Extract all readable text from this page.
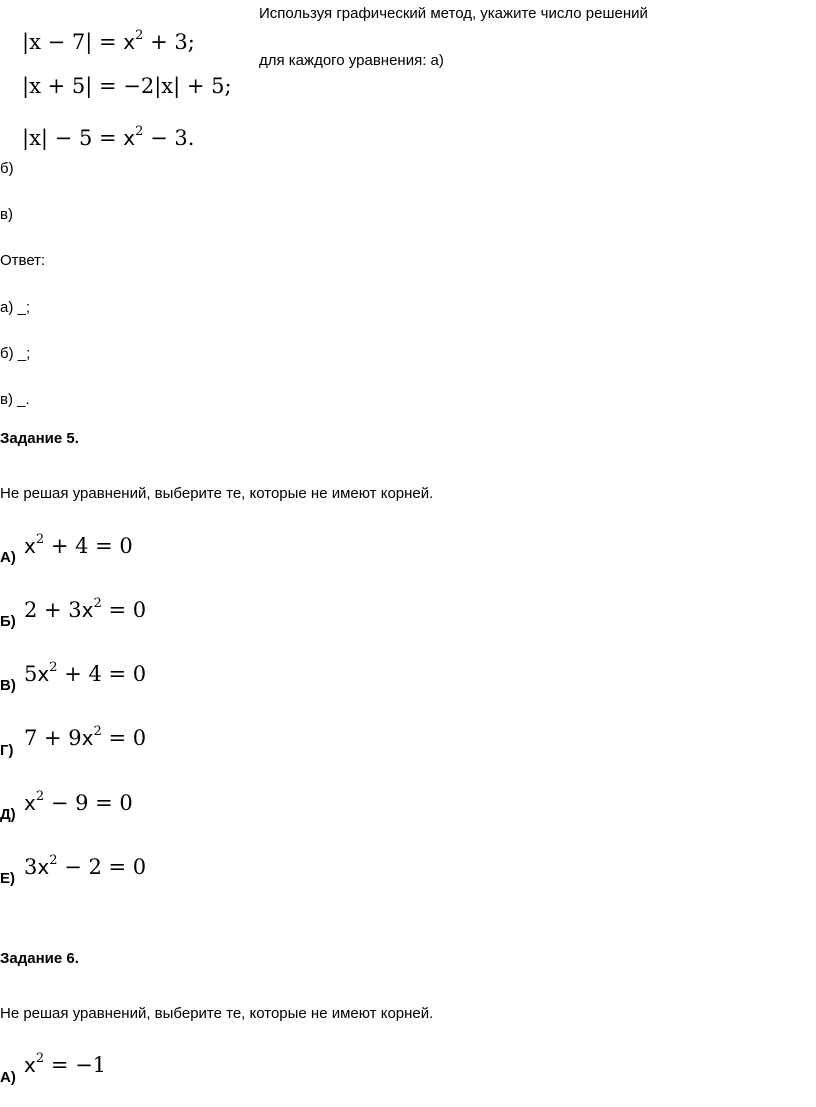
Используя графический метод, укажите число решений
для каждого уравнения: а)
$|x - 7| = x^2 + 3$;
|x + 5| = −2|x| + 5;
$|x| - 5 = x^2 - 3$.
б)
в)
Ответ:
а) _;
б) _;
в) _.
Задание 5.
Не решая уравнений, выберите те, которые не имеют корней.
А) $x^2 + 4 = 0$
Б) $2 + 3x^2 = 0$
В) $5x^2 + 4 = 0$
Г)
$7 + 9x^2 = 0$
Д) $x^2 - 9 = 0$
Е) $3x^2 - 2 = 0$
Задание 6.
Не решая уравнений, выберите те, которые не имеют корней.
А)
$x^2 = -1$
